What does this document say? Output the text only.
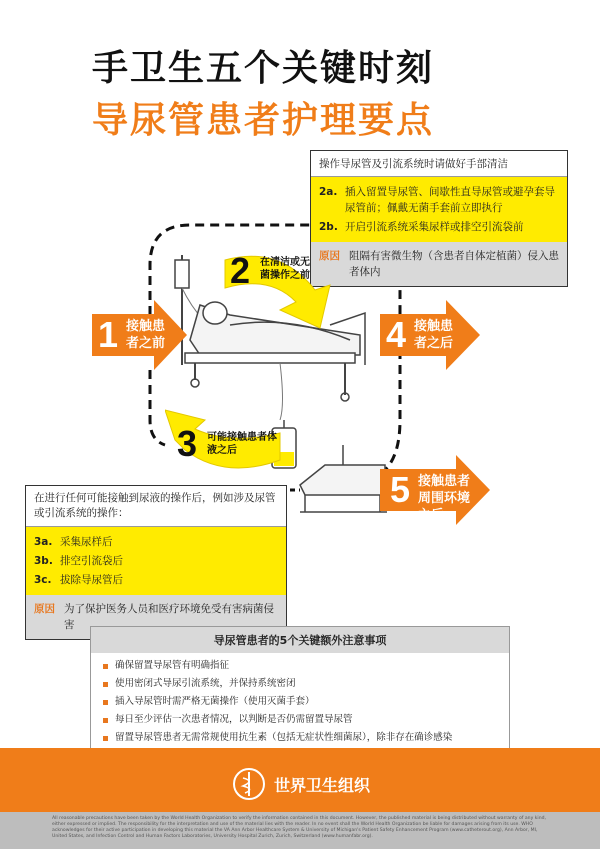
手卫生五个关键时刻
导尿管患者护理要点
操作导尿管及引流系统时请做好手部清洁
2a. 插入留置导尿管、间歇性直导尿管或避孕套导尿管前；佩戴无菌手套前立即执行
2b. 开启引流系统采集尿样或排空引流袋前
原因 阻隔有害微生物（含患者自体定植菌）侵入患者体内
1 接触患者之前	4 接触患者之后
5 接触患者周围环境之后
2 在清洁或无菌操作之前
3 可能接触患者体液之后
在进行任何可能接触到尿液的操作后，例如涉及尿管或引流系统的操作：
3a. 采集尿样后
3b. 排空引流袋后
3c. 拔除导尿管后
原因 为了保护医务人员和医疗环境免受有害病菌侵害
导尿管患者的5个关键额外注意事项
确保留置导尿管有明确指征
使用密闭式导尿引流系统，并保持系统密闭
插入导尿管时需严格无菌操作（使用灭菌手套）
每日至少评估一次患者情况，以判断是否仍需留置导尿管
留置导尿管患者无需常规使用抗生素（包括无症状性细菌尿），除非存在确诊感染
世界卫生组织
All reasonable precautions have been taken by the World Health Organization to verify the information contained in this document. However, the published material is being distributed without warranty of any kind, either expressed or implied. The responsibility for the interpretation and use of the material lies with the reader. In no event shall the World Health Organization be liable for damages arising from its use. WHO acknowledges for their active participation in developing this material the VA Ann Arbor Healthcare System & University of Michigan's Patient Safety Enhancement Program (www.catheterout.org), Ann Arbor, MI, United States, and Infection Control and Human Factors Laboratories, University Hospital Zurich, Zurich, Switzerland (www.humanfabr.org).
